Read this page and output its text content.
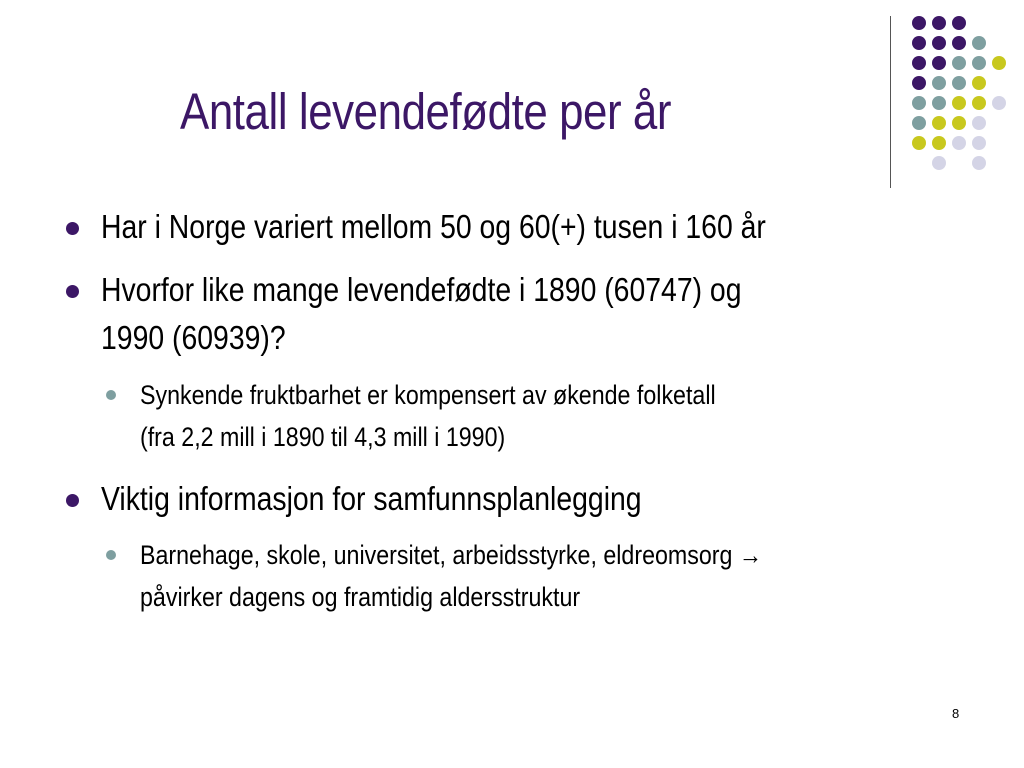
Antall levendefødte per år
Har i Norge variert mellom 50 og 60(+) tusen i 160 år
Hvorfor like mange levendefødte i 1890 (60747) og
1990 (60939)?
Synkende fruktbarhet er kompensert av økende folketall
(fra 2,2 mill i 1890 til 4,3 mill i 1990)
Viktig informasjon for samfunnsplanlegging
Barnehage, skole, universitet, arbeidsstyrke, eldreomsorg →
påvirker dagens og framtidig aldersstruktur
8
